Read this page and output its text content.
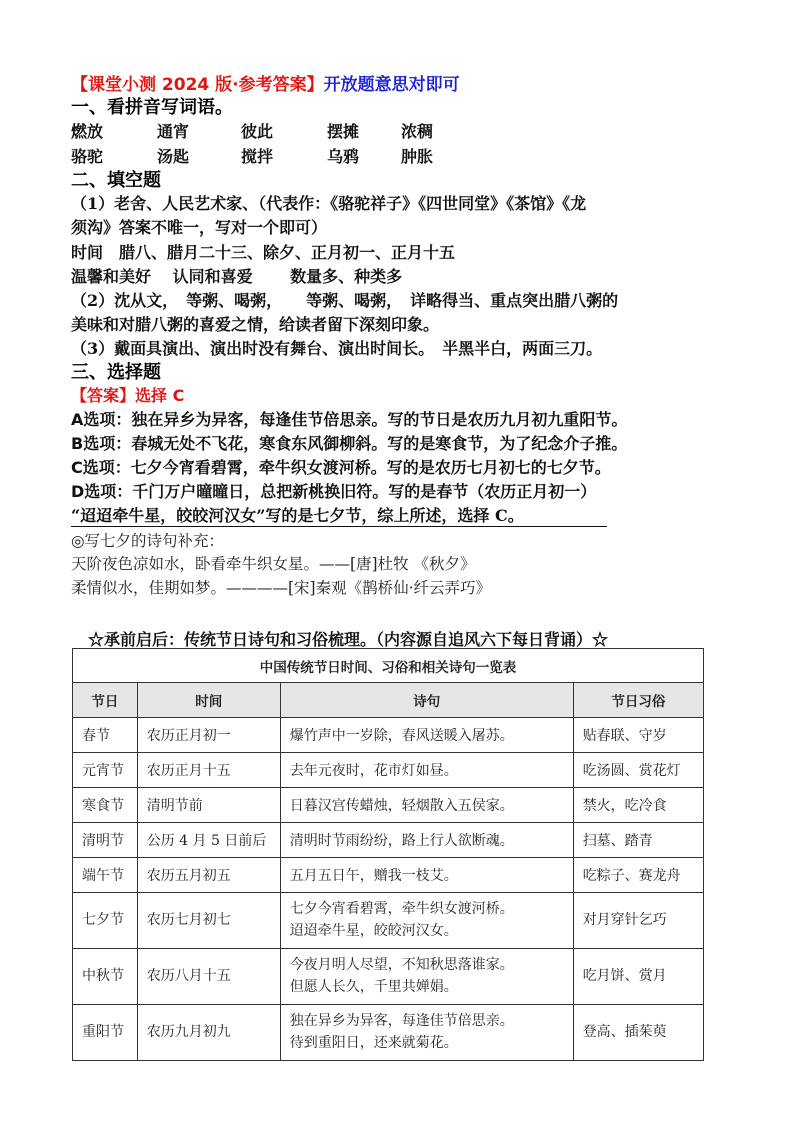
【课堂小测 2024 版·参考答案】开放题意思对即可
一、看拼音写词语。
燃放	通宵	彼此	摆摊	浓稠
骆驼	汤匙	搅拌	乌鸦	肿胀
二、填空题
（1）老舍、人民艺术家、（代表作：《骆驼祥子》《四世同堂》《茶馆》《龙
须沟》答案不唯一，写对一个即可）
时间　腊八、腊月二十三、除夕、正月初一、正月十五
温馨和美好　 认同和喜爱　　 数量多、种类多
（2）沈从文，　等粥、喝粥，　　等粥、喝粥，　详略得当、重点突出腊八粥的
美味和对腊八粥的喜爱之情，给读者留下深刻印象。
（3）戴面具演出、演出时没有舞台、演出时间长。　半黑半白，两面三刀。
三、选择题
【答案】选择 C
A选项：独在异乡为异客，每逢佳节倍思亲。写的节日是农历九月初九重阳节。
B选项：春城无处不飞花，寒食东风御柳斜。写的是寒食节，为了纪念介子推。
C选项：七夕今宵看碧霄，牵牛织女渡河桥。写的是农历七月初七的七夕节。
D选项：千门万户曈曈日，总把新桃换旧符。写的是春节（农历正月初一）
“迢迢牵牛星，皎皎河汉女”写的是七夕节，综上所述，选择 C。
◎写七夕的诗句补充：
天阶夜色凉如水，卧看牵牛织女星。——[唐]杜牧 《秋夕》
柔情似水，佳期如梦。————[宋]秦观《鹊桥仙·纤云弄巧》
☆承前启后：传统节日诗句和习俗梳理。（内容源自追风六下每日背诵）☆
中国传统节日时间、习俗和相关诗句一览表			
节日	时间	诗句	节日习俗
春节	农历正月初一	爆竹声中一岁除，春风送暖入屠苏。	贴春联、守岁
元宵节	农历正月十五	去年元夜时，花市灯如昼。	吃汤圆、赏花灯
寒食节	清明节前	日暮汉宫传蜡烛，轻烟散入五侯家。	禁火，吃冷食
清明节	公历 4 月 5 日前后	清明时节雨纷纷，路上行人欲断魂。	扫墓、踏青
端午节	农历五月初五	五月五日午，赠我一枝艾。	吃粽子、赛龙舟
七夕节	农历七月初七	七夕今宵看碧霄，牵牛织女渡河桥。
迢迢牵牛星，皎皎河汉女。	对月穿针乞巧
中秋节	农历八月十五	今夜月明人尽望，不知秋思落谁家。
但愿人长久，千里共婵娟。	吃月饼、赏月
重阳节	农历九月初九	独在异乡为异客，每逢佳节倍思亲。
待到重阳日，还来就菊花。	登高、插茱萸
